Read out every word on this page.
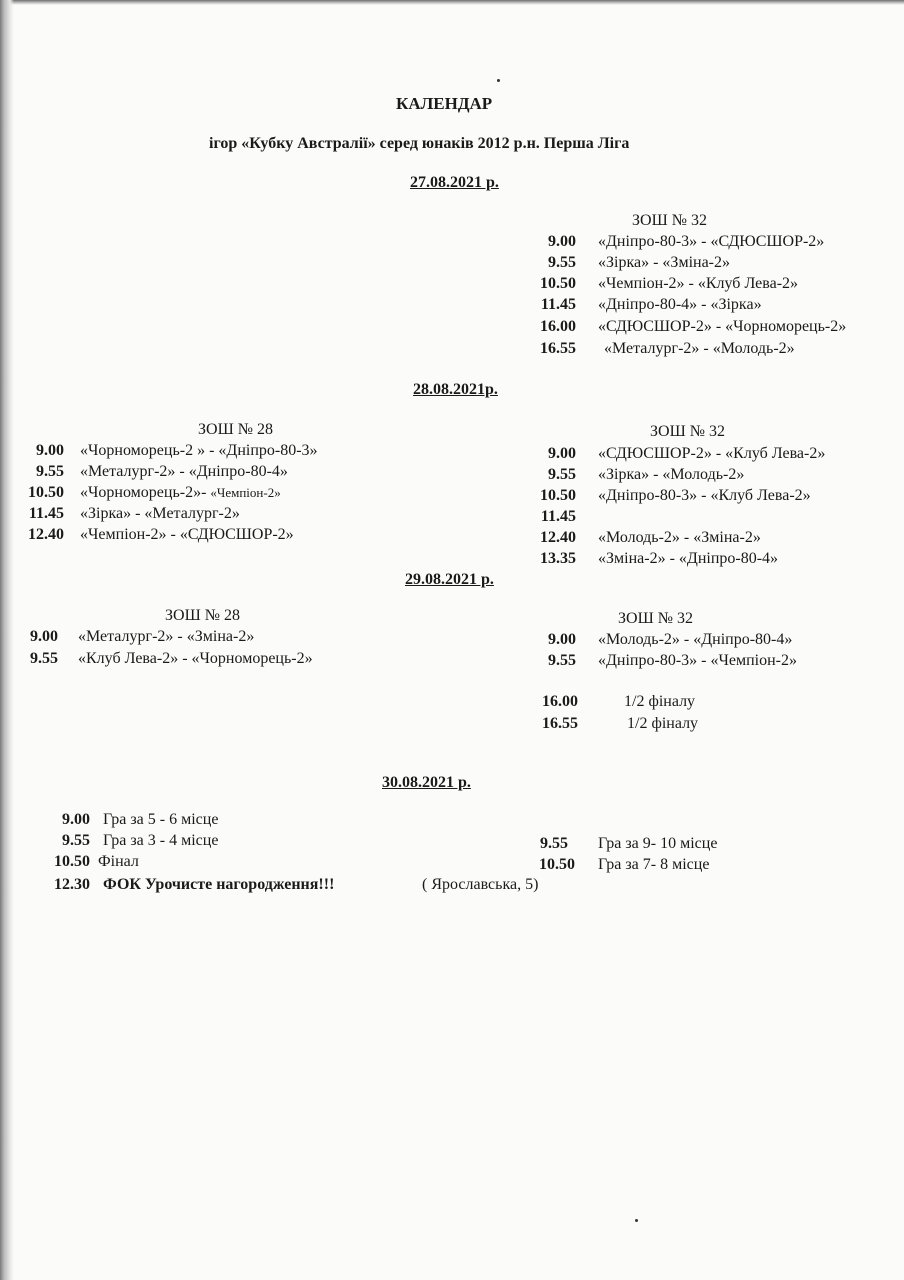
КАЛЕНДАР
ігор «Кубку Австралії» серед юнаків 2012 р.н. Перша Ліга
27.08.2021 р.
ЗОШ № 32
9.00 «Дніпро-80-3» - «СДЮСШОР-2»
9.55 «Зірка» - «Зміна-2»
10.50 «Чемпіон-2» - «Клуб Лева-2»
11.45 «Дніпро-80-4» - «Зірка»
16.00 «СДЮСШОР-2» - «Чорноморець-2»
16.55 «Металург-2» - «Молодь-2»
28.08.2021р.
ЗОШ № 28	ЗОШ № 32
9.00 «Чорноморець-2 » - «Дніпро-80-3»
9.55 «Металург-2» - «Дніпро-80-4»
10.50 «Чорноморець-2»- «Чемпіон-2»
11.45 «Зірка» - «Металург-2»
12.40 «Чемпіон-2» - «СДЮСШОР-2»
9.00 «СДЮСШОР-2» - «Клуб Лева-2»
9.55 «Зірка» - «Молодь-2»
10.50 «Дніпро-80-3» - «Клуб Лева-2»
11.45
12.40 «Молодь-2» - «Зміна-2»
13.35 «Зміна-2» - «Дніпро-80-4»
29.08.2021 р.
ЗОШ № 28	ЗОШ № 32
9.00 «Металург-2» - «Зміна-2»
9.55 «Клуб Лева-2» - «Чорноморець-2»
9.00 «Молодь-2» - «Дніпро-80-4»
9.55 «Дніпро-80-3» - «Чемпіон-2»
16.00	1/2 фіналу
16.55	1/2 фіналу
30.08.2021 р.
9.00 Гра за 5 - 6 місце
9.55 Гра за 3 - 4 місце
10.50 Фінал
12.30 ФОК Урочисте нагородження!!!	( Ярославська, 5)
9.55 Гра за 9- 10 місце
10.50 Гра за 7- 8 місце
